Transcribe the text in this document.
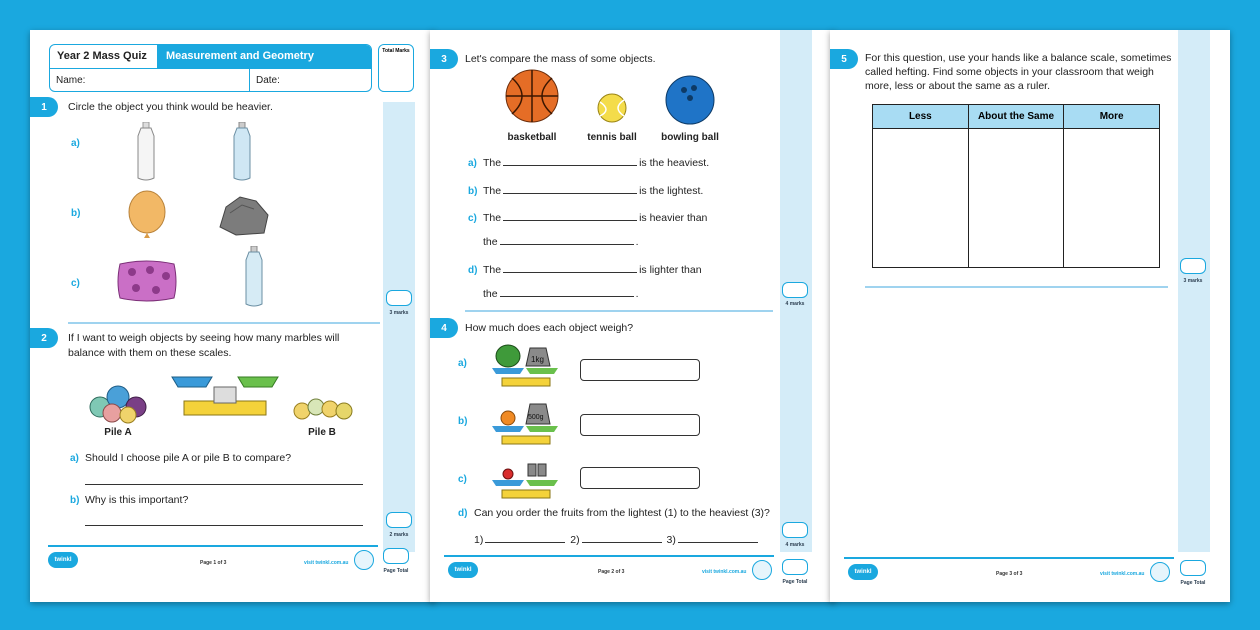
Year 2 Mass Quiz	Measurement and Geometry
Name:	Date:
Total Marks
1	Circle the object you think would be heavier.
a)
b)
c)
3 marks
2	If I want to weigh objects by seeing how many marbles will balance with them on these scales.
Pile A	Pile B
a) Should I choose pile A or pile B to compare?
b) Why is this important?
2 marks
twinkl	Page 1 of 3	visit twinkl.com.au
Page Total
3	Let's compare the mass of some objects.
basketball	tennis ball	bowling ball
a) The	is the heaviest.
b) The	is the lightest.
c) The	is heavier than
the	.
d) The	is lighter than
the	.
4 marks
4	How much does each object weigh?
a)	1kg
b)	500g
c)
d) Can you order the fruits from the lightest (1) to the heaviest (3)?
1)	2)	3)	4 marks
twinkl	Page 2 of 3	visit twinkl.com.au
Page Total
5	For this question, use your hands like a balance scale, sometimes called hefting. Find some objects in your classroom that weigh more, less or about the same as a ruler.
Less	About the Same	More
3 marks
twinkl	Page 3 of 3	visit twinkl.com.au
Page Total
